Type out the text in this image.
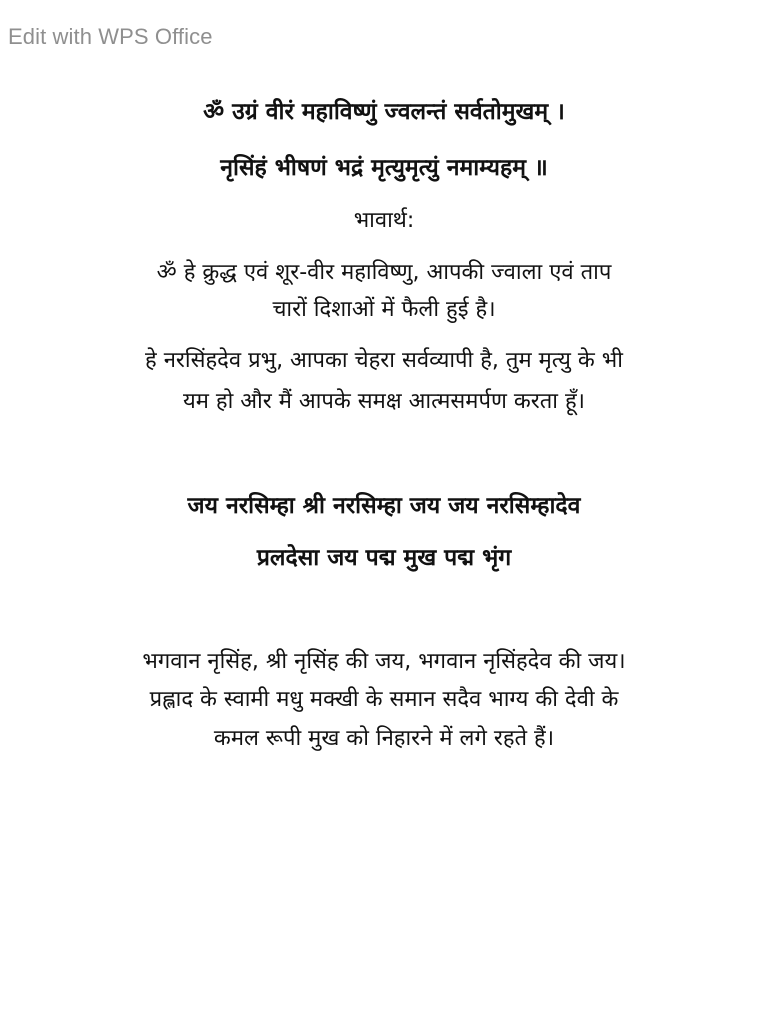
Edit with WPS Office

ॐ उग्रं वीरं महाविष्णुं ज्वलन्तं सर्वतोमुखम् ।

नृसिंहं भीषणं भद्रं मृत्युमृत्युं नमाम्यहम् ॥

भावार्थ:

ॐ हे क्रुद्ध एवं शूर-वीर महाविष्णु, आपकी ज्वाला एवं ताप

चारों दिशाओं में फैली हुई है।

हे नरसिंहदेव प्रभु, आपका चेहरा सर्वव्यापी है, तुम मृत्यु के भी

यम हो और मैं आपके समक्ष आत्मसमर्पण करता हूँ।

जय नरसिम्हा श्री नरसिम्हा जय जय नरसिम्हादेव

प्रलदेसा जय पद्म मुख पद्म भृंग

भगवान नृसिंह, श्री नृसिंह की जय, भगवान नृसिंहदेव की जय।

प्रह्लाद के स्वामी मधु मक्खी के समान सदैव भाग्य की देवी के

कमल रूपी मुख को निहारने में लगे रहते हैं।
